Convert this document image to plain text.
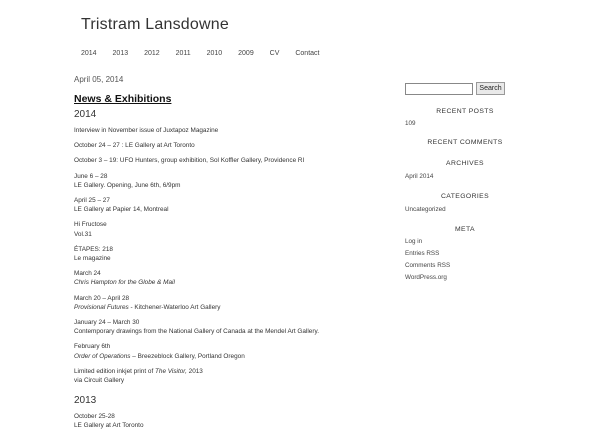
Tristram Lansdowne
2014 2013 2012 2011 2010 2009 CV Contact
April 05, 2014
News & Exhibitions
2014
Interview in November issue of Juxtapoz Magazine
October 24 – 27 : LE Gallery at Art Toronto
October 3 – 19: UFO Hunters, group exhibition, Sol Koffler Gallery, Providence RI
June 6 – 28
LE Gallery. Opening, June 6th, 6/9pm
April 25 – 27
LE Gallery at Papier 14, Montreal
Hi Fructose
Vol.31
ÉTAPES: 218
Le magazine
March 24
Chris Hampton for the Globe & Mail
March 20 – April 28
Provisional Futures - Kitchener-Waterloo Art Gallery
January 24 – March 30
Contemporary drawings from the National Gallery of Canada at the Mendel Art Gallery.
February 6th
Order of Operations – Breezeblock Gallery, Portland Oregon
Limited edition inkjet print of The Visitor, 2013
via Circuit Gallery
2013
October 25-28
LE Gallery at Art Toronto
Search
RECENT POSTS
109
RECENT COMMENTS
ARCHIVES
April 2014
CATEGORIES
Uncategorized
META
Log in
Entries RSS
Comments RSS
WordPress.org
